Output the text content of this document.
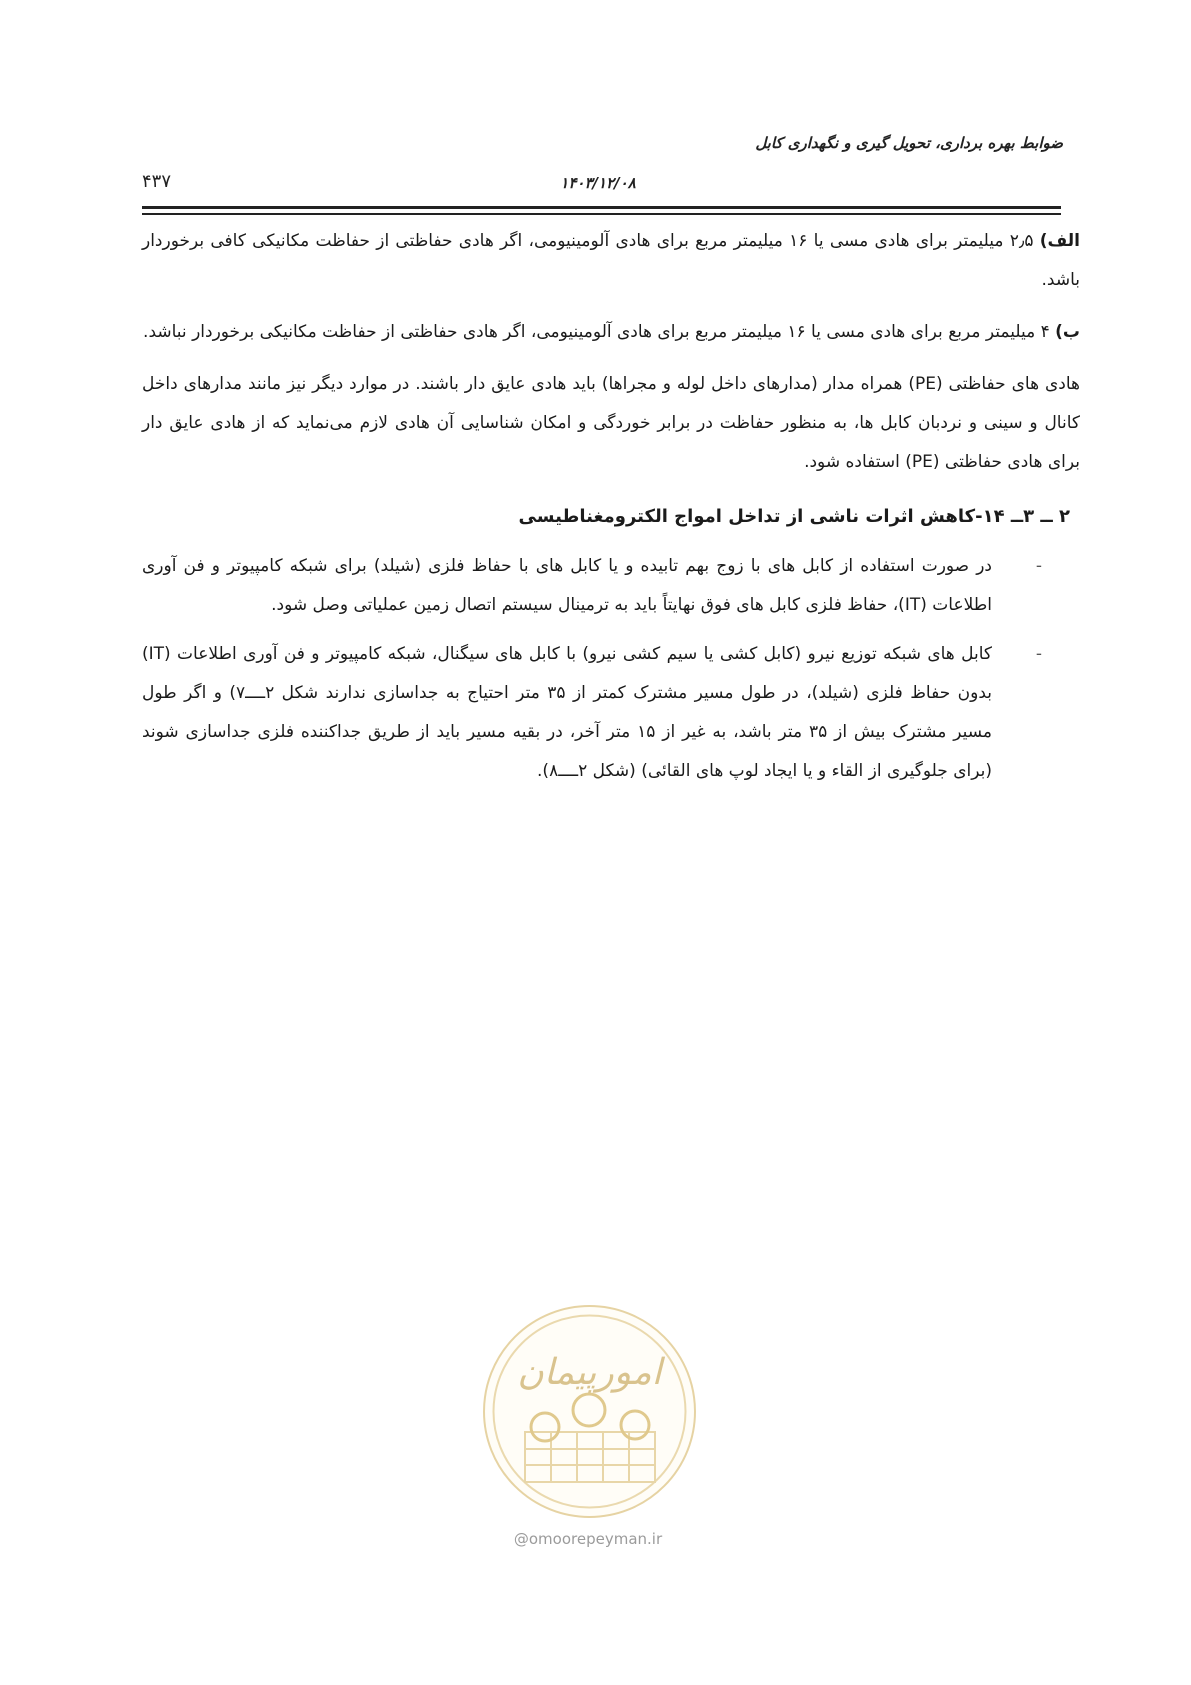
ضوابط بهره برداری، تحویل گیری و نگهداری کابل
۴۳۷	۱۴۰۳/۱۲/۰۸

الف) ۲٫۵ میلیمتر برای هادی مسی یا ۱۶ میلیمتر مربع برای هادی آلومینیومی، اگر هادی حفاظتی از حفاظت مکانیکی کافی برخوردار باشد.

ب) ۴ میلیمتر مربع برای هادی مسی یا ۱۶ میلیمتر مربع برای هادی آلومینیومی، اگر هادی حفاظتی از حفاظت مکانیکی برخوردار نباشد.

هادی های حفاظتی (PE) همراه مدار (مدارهای داخل لوله و مجراها) باید هادی عایق دار باشند. در موارد دیگر نیز مانند مدارهای داخل کانال و سینی و نردبان کابل ها، به منظور حفاظت در برابر خوردگی و امکان شناسایی آن هادی لازم می‌نماید که از هادی عایق دار برای هادی حفاظتی (PE) استفاده شود.

۲ ــ ۳ــ ۱۴-کاهش اثرات ناشی از تداخل امواج الکترومغناطیسی
-
در صورت استفاده از کابل های با زوج بهم تابیده و یا کابل های با حفاظ فلزی (شیلد) برای شبکه کامپیوتر و فن آوری اطلاعات (IT)، حفاظ فلزی کابل های فوق نهایتاً باید به ترمینال سیستم اتصال زمین عملیاتی وصل شود.
-
کابل های شبکه توزیع نیرو (کابل کشی یا سیم کشی نیرو) با کابل های سیگنال، شبکه کامپیوتر و فن آوری اطلاعات (IT) بدون حفاظ فلزی (شیلد)، در طول مسیر مشترک کمتر از ۳۵ متر احتیاج به جداسازی ندارند شکل ۲ــــ۷) و اگر طول مسیر مشترک بیش از ۳۵ متر باشد، به غیر از ۱۵ متر آخر، در بقیه مسیر باید از طریق جداکننده فلزی جداسازی شوند (برای جلوگیری از القاء و یا ایجاد لوپ های القائی) (شکل ۲ــــ۸).
امورپیمان
@omoorepeyman.ir
